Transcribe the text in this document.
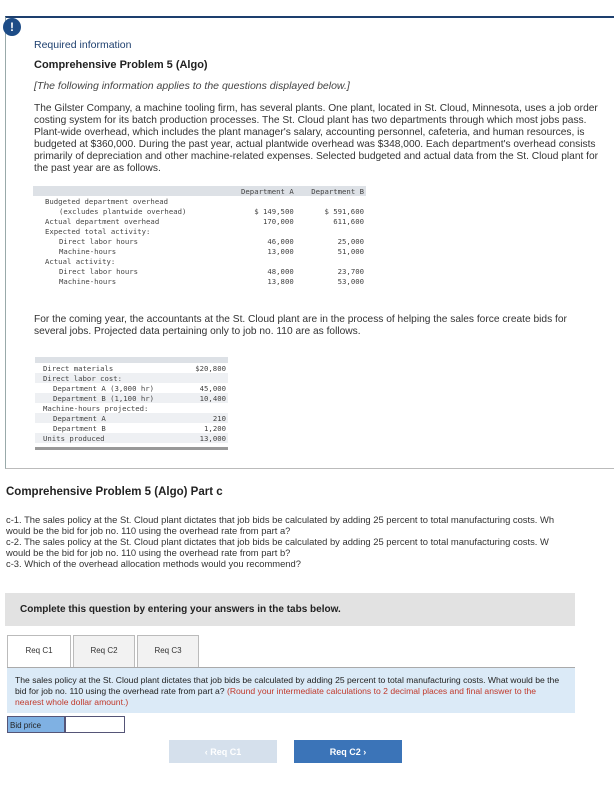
!
Required information
Comprehensive Problem 5 (Algo)
[The following information applies to the questions displayed below.]
The Gilster Company, a machine tooling firm, has several plants. One plant, located in St. Cloud, Minnesota, uses a job order costing system for its batch production processes. The St. Cloud plant has two departments through which most jobs pass. Plant-wide overhead, which includes the plant manager's salary, accounting personnel, cafeteria, and human resources, is budgeted at $360,000. During the past year, actual plantwide overhead was $348,000. Each department's overhead consists primarily of depreciation and other machine-related expenses. Selected budgeted and actual data from the St. Cloud plant for the past year are as follows.
	Department A	Department B
Budgeted department overhead		
(excludes plantwide overhead)	$ 149,500	$ 591,600
Actual department overhead	170,000	611,600
Expected total activity:		
Direct labor hours	46,000	25,000
Machine-hours	13,000	51,000
Actual activity:		
Direct labor hours	48,000	23,700
Machine-hours	13,800	53,000
For the coming year, the accountants at the St. Cloud plant are in the process of helping the sales force create bids for several jobs. Projected data pertaining only to job no. 110 are as follows.
Direct materials	$20,800
Direct labor cost:	
Department A (3,000 hr)	45,000
Department B (1,100 hr)	10,400
Machine-hours projected:	
Department A	210
Department B	1,200
Units produced	13,000

Comprehensive Problem 5 (Algo) Part c
c-1. The sales policy at the St. Cloud plant dictates that job bids be calculated by adding 25 percent to total manufacturing costs. Wh
would be the bid for job no. 110 using the overhead rate from part a?
c-2. The sales policy at the St. Cloud plant dictates that job bids be calculated by adding 25 percent to total manufacturing costs. W
would be the bid for job no. 110 using the overhead rate from part b?
c-3. Which of the overhead allocation methods would you recommend?
Complete this question by entering your answers in the tabs below.
Req C1	Req C2	Req C3
The sales policy at the St. Cloud plant dictates that job bids be calculated by adding 25 percent to total manufacturing costs. What would be the bid for job no. 110 using the overhead rate from part a? (Round your intermediate calculations to 2 decimal places and final answer to the nearest whole dollar amount.)
Bid price
‹ Req C1	Req C2 ›
